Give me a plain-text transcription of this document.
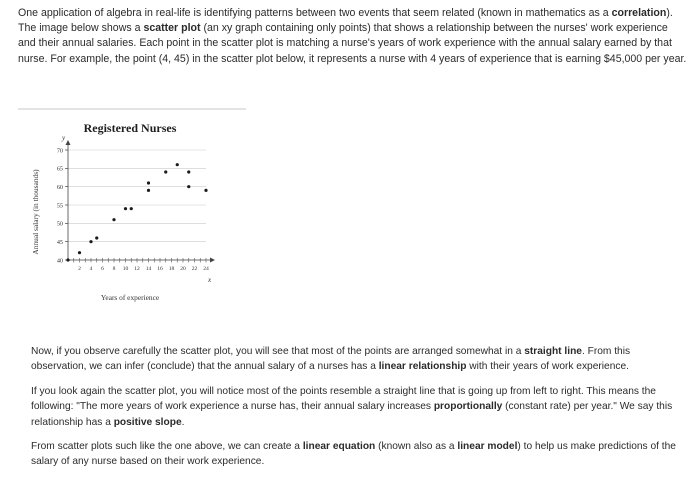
One application of algebra in real-life is identifying patterns between two events that seem related (known in mathematics as a correlation). The image below shows a scatter plot (an xy graph containing only points) that shows a relationship between the nurses' work experience and their annual salaries. Each point in the scatter plot is matching a nurse's years of work experience with the annual salary earned by that nurse. For example, the point (4, 45) in the scatter plot below, it represents a nurse with 4 years of experience that is earning $45,000 per year.

Registered Nurses
y
x
Annual salary (in thousands)
Years of experience
40
45
50
55
60
65
70
2 4 6 8 10 12 14 16 18 20 22 24

Now, if you observe carefully the scatter plot, you will see that most of the points are arranged somewhat in a straight line. From this observation, we can infer (conclude) that the annual salary of a nurses has a linear relationship with their years of work experience.

If you look again the scatter plot, you will notice most of the points resemble a straight line that is going up from left to right. This means the following: "The more years of work experience a nurse has, their annual salary increases proportionally (constant rate) per year." We say this relationship has a positive slope.

From scatter plots such like the one above, we can create a linear equation (known also as a linear model) to help us make predictions of the salary of any nurse based on their work experience.
